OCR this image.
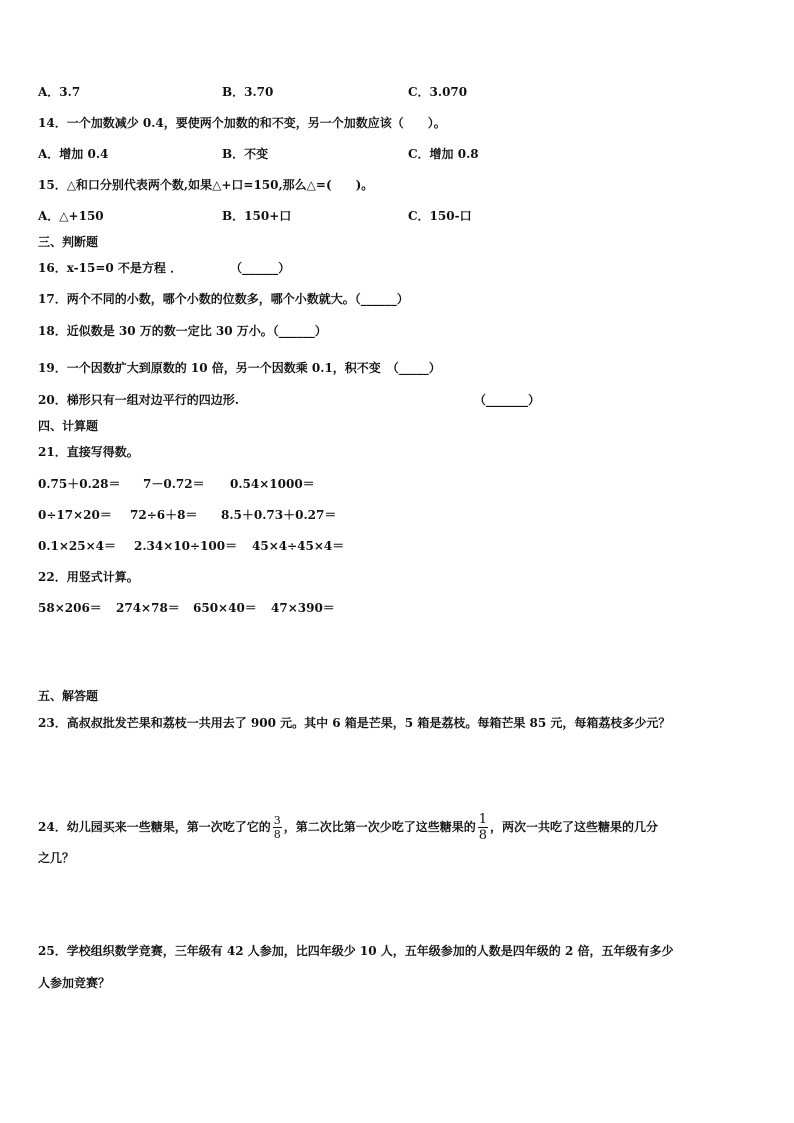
A．3.7	B．3.70	C．3.070
14．一个加数减少 0.4，要使两个加数的和不变，另一个加数应该（　　）。
A．增加 0.4	B．不变	C．增加 0.8
15．△和口分别代表两个数,如果△+口=150,那么△=(　　)。
A．△+150	B．150+口	C．150-口
三、判断题
16．x-15=0 不是方程 ．　　　　　（______）
17．两个不同的小数，哪个小数的位数多，哪个小数就大。（______）
18．近似数是 30 万的数一定比 30 万小。（______）
19．一个因数扩大到原数的 10 倍，另一个因数乘 0.1，积不变　（_____）
20．梯形只有一组对边平行的四边形.	（_______）
四、计算题
21．直接写得数。
0.75＋0.28＝ 7－0.72＝ 0.54×1000＝
0÷17×20＝ 72÷6＋8＝ 8.5＋0.73＋0.27＝
0.1×25×4＝ 2.34×10÷100＝ 45×4÷45×4＝
22．用竖式计算。
58×206＝ 274×78＝ 650×40＝ 47×390＝
五、解答题
23．高叔叔批发芒果和荔枝一共用去了 900 元。其中 6 箱是芒果，5 箱是荔枝。每箱芒果 85 元，每箱荔枝多少元？
24．幼儿园买来一些糖果，第一次吃了它的 $\frac{3}{8}$ ，第二次比第一次少吃了这些糖果的 $\frac{1}{8}$ ，两次一共吃了这些糖果的几分
之几？
25．学校组织数学竞赛，三年级有 42 人参加，比四年级少 10 人，五年级参加的人数是四年级的 2 倍，五年级有多少
人参加竞赛？
